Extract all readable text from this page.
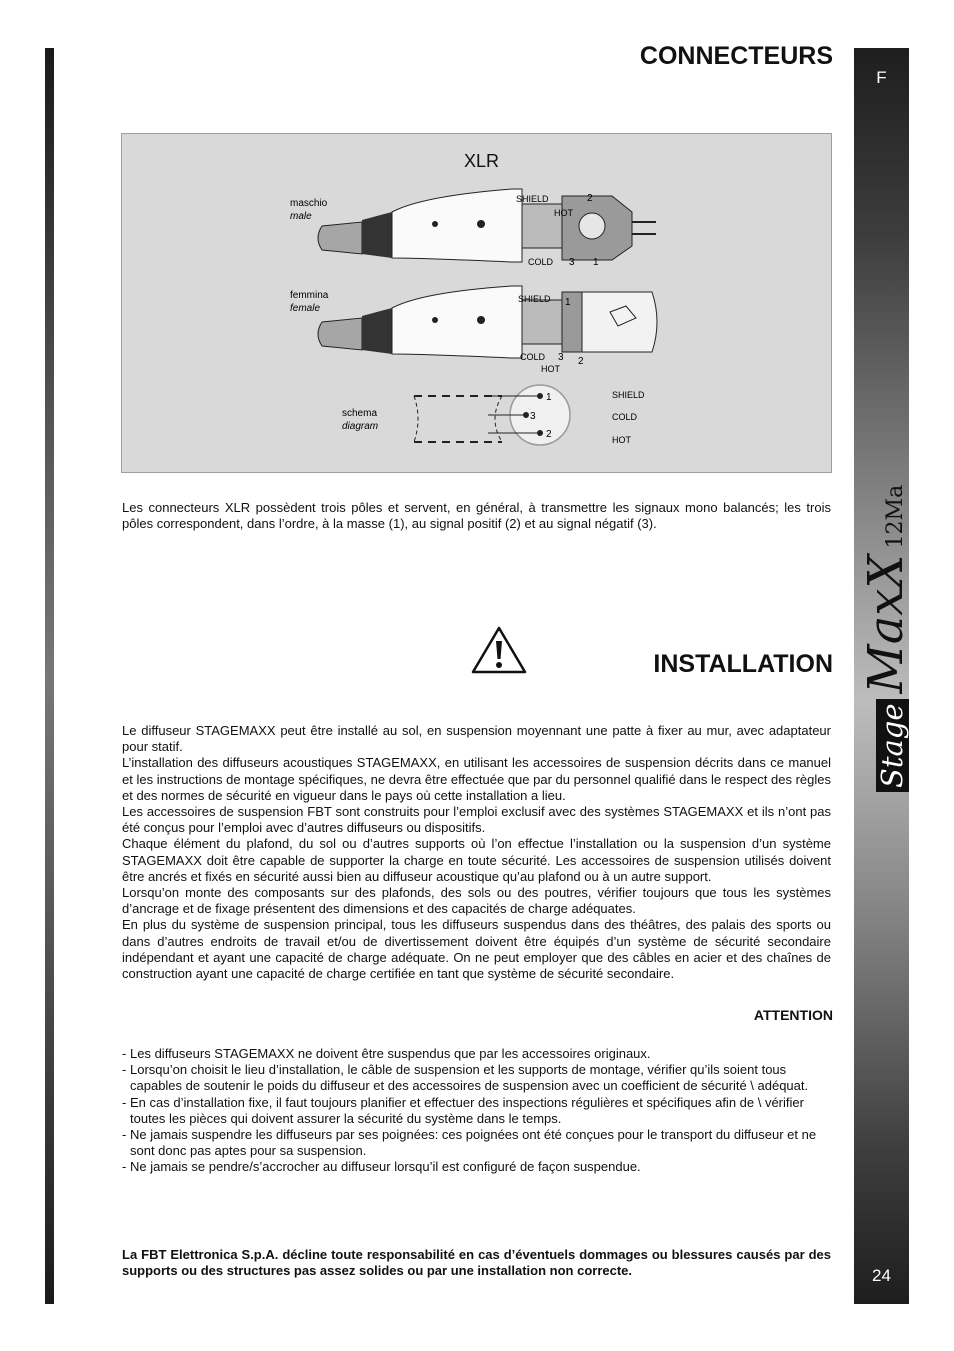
F
24
Stage
MaxX
12Ma
CONNECTEURS
XLR
maschio
male
SHIELD	2
HOT
COLD 3 1
femmina
female
SHIELD 1
COLD 3 2
HOT
schema
diagram
1
3
2
SHIELD
COLD
HOT

Les connecteurs XLR possèdent trois pôles et servent, en général, à transmettre les signaux mono balancés; les trois pôles correspondent, dans l’ordre, à la masse (1), au signal positif (2) et au signal négatif (3).

INSTALLATION

Le diffuseur STAGEMAXX peut être installé au sol, en suspension moyennant une patte à fixer au mur, avec adaptateur pour statif.

L’installation des diffuseurs acoustiques STAGEMAXX, en utilisant les accessoires de suspension décrits dans ce manuel et les instructions de montage spécifiques, ne devra être effectuée que par du personnel qualifié dans le respect des règles et des normes de sécurité en vigueur dans le pays où cette installation a lieu.

Les accessoires de suspension FBT sont construits pour l’emploi exclusif avec des systèmes STAGEMAXX et ils n’ont pas été conçus pour l’emploi avec d’autres diffuseurs ou dispositifs.

Chaque élément du plafond, du sol ou d’autres supports où l’on effectue l’installation ou la suspension d’un système STAGEMAXX doit être capable de supporter la charge en toute sécurité. Les accessoires de suspension utilisés doivent être ancrés et fixés en sécurité aussi bien au diffuseur acoustique qu’au plafond ou à un autre support.

Lorsqu’on monte des composants sur des plafonds, des sols ou des poutres, vérifier toujours que tous les systèmes d’ancrage et de fixage présentent des dimensions et des capacités de charge adéquates.

En plus du système de suspension principal, tous les diffuseurs suspendus dans des théâtres, des palais des sports ou dans d’autres endroits de travail et/ou de divertissement doivent être équipés d’un système de sécurité secondaire indépendant et ayant une capacité de charge adéquate. On ne peut employer que des câbles en acier et des chaînes de construction ayant une capacité de charge certifiée en tant que système de sécurité secondaire.

ATTENTION
- Les diffuseurs STAGEMAXX ne doivent être suspendus que par les accessoires originaux.
- Lorsqu’on choisit le lieu d’installation, le câble de suspension et les supports de montage, vérifier qu’ils soient tous capables de soutenir le poids du diffuseur et des accessoires de suspension avec un coefficient de sécurité \ adéquat.
- En cas d’installation fixe, il faut toujours planifier et effectuer des inspections régulières et spécifiques afin de \ vérifier toutes les pièces qui doivent assurer la sécurité du système dans le temps.
- Ne jamais suspendre les diffuseurs par ses poignées: ces poignées ont été conçues pour le transport du diffuseur et ne sont donc pas aptes pour sa suspension.
- Ne jamais se pendre/s’accrocher au diffuseur lorsqu’il est configuré de façon suspendue.
La FBT Elettronica S.p.A. décline toute responsabilité en cas d’éventuels dommages ou blessures causés par des supports ou des structures pas assez solides ou par une installation non correcte.
